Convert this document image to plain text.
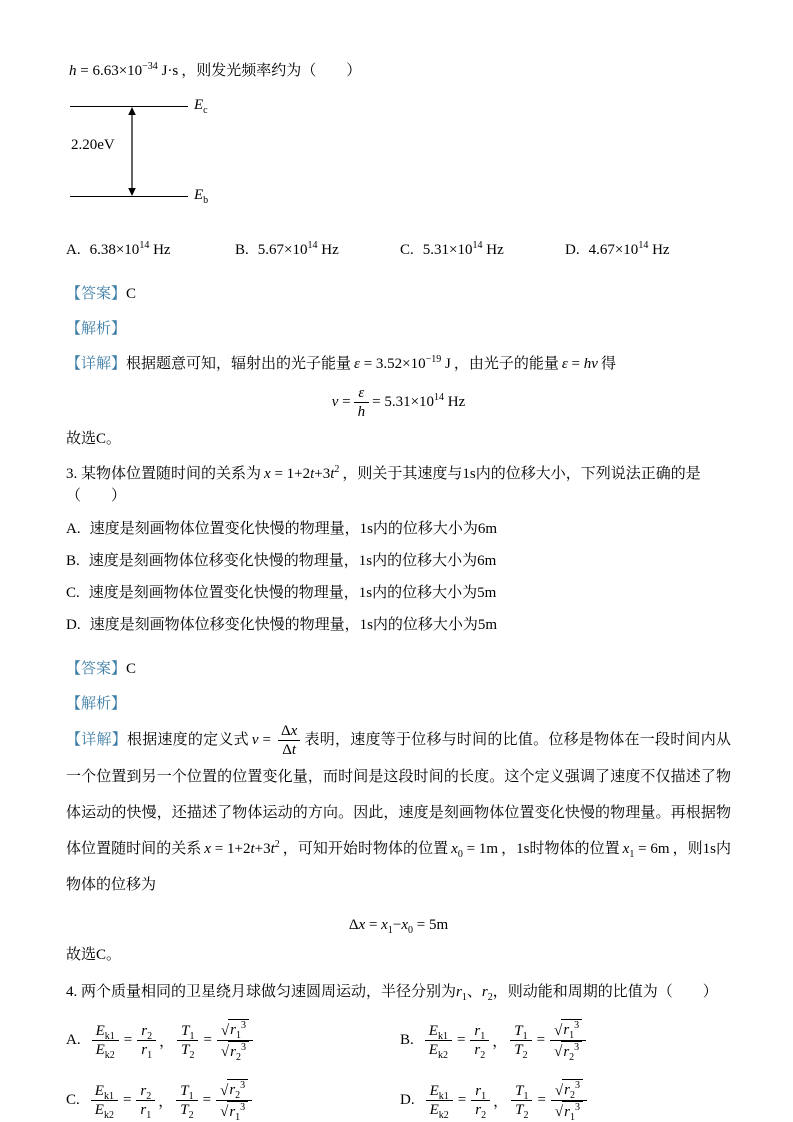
$h = 6.63\times 10^{-34}$ J·s ，则发光频率约为（　　）

2.20eV
$E_c$
$E_b$
A. $6.38\times 10^{14}$ Hz	B. $5.67\times 10^{14}$ Hz	C. $5.31\times 10^{14}$ Hz	D. $4.67\times 10^{14}$ Hz

【答案】C

【解析】

【详解】根据题意可知，辐射出的光子能量 $\varepsilon = 3.52\times 10^{-19}$ J ，由光子的能量 ε = hν 得

$\nu = \frac{\varepsilon}{h} = 5.31\times 10^{14}$ Hz

故选C。

3. 某物体位置随时间的关系为 $x = 1+2t+3t^2$ ，则关于其速度与1s内的位移大小，下列说法正确的是（　　）

A. 速度是刻画物体位置变化快慢的物理量，1s内的位移大小为6m

B. 速度是刻画物体位移变化快慢的物理量，1s内的位移大小为6m

C. 速度是刻画物体位置变化快慢的物理量，1s内的位移大小为5m

D. 速度是刻画物体位移变化快慢的物理量，1s内的位移大小为5m

【答案】C

【解析】

【详解】根据速度的定义式 $v = \frac{\Delta x}{\Delta t}$ 表明，速度等于位移与时间的比值。位移是物体在一段时间内从一个位置到另一个位置的位置变化量，而时间是这段时间的长度。这个定义强调了速度不仅描述了物体运动的快慢，还描述了物体运动的方向。因此，速度是刻画物体位置变化快慢的物理量。再根据物体位置随时间的关系 $x = 1+2t+3t^2$ ，可知开始时物体的位置 $x_0 = 1m$ ，1s时物体的位置 $x_1 = 6m$ ，则1s内物体的位移为

$\Delta x = x_1-x_0 = 5m$

故选C。

4. 两个质量相同的卫星绕月球做匀速圆周运动，半径分别为$r_1$、$r_2$，则动能和周期的比值为（　　）

A. $\frac{E_{k1}}{E_{k2}} = \frac{r_2}{r_1}$ ， $\frac{T_1}{T_2} = \frac{√ r_1^3}{√ r_2^3}$	B. $\frac{E_{k1}}{E_{k2}} = \frac{r_1}{r_2}$ ， $\frac{T_1}{T_2} = \frac{√ r_1^3}{√ r_2^3}$
C. $\frac{E_{k1}}{E_{k2}} = \frac{r_2}{r_1}$ ， $\frac{T_1}{T_2} = \frac{√ r_2^3}{√ r_1^3}$	D. $\frac{E_{k1}}{E_{k2}} = \frac{r_1}{r_2}$ ， $\frac{T_1}{T_2} = \frac{√ r_2^3}{√ r_1^3}$
